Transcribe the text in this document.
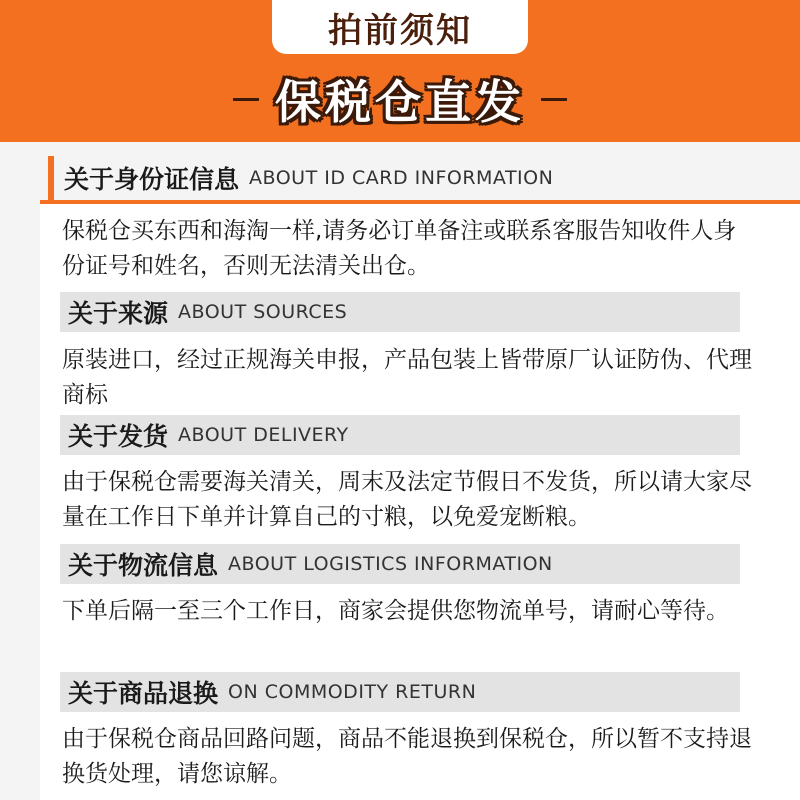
拍前须知
保税仓直发
关于身份证信息 ABOUT ID CARD INFORMATION
保税仓买东西和海淘一样,请务必订单备注或联系客服告知收件人身份证号和姓名，否则无法清关出仓。
关于来源 ABOUT SOURCES
原装进口，经过正规海关申报，产品包装上皆带原厂认证防伪、代理商标
关于发货 ABOUT DELIVERY
由于保税仓需要海关清关，周末及法定节假日不发货，所以请大家尽量在工作日下单并计算自己的寸粮，以免爱宠断粮。
关于物流信息 ABOUT LOGISTICS INFORMATION
下单后隔一至三个工作日，商家会提供您物流单号，请耐心等待。
关于商品退换 ON COMMODITY RETURN
由于保税仓商品回路问题，商品不能退换到保税仓，所以暂不支持退换货处理，请您谅解。
